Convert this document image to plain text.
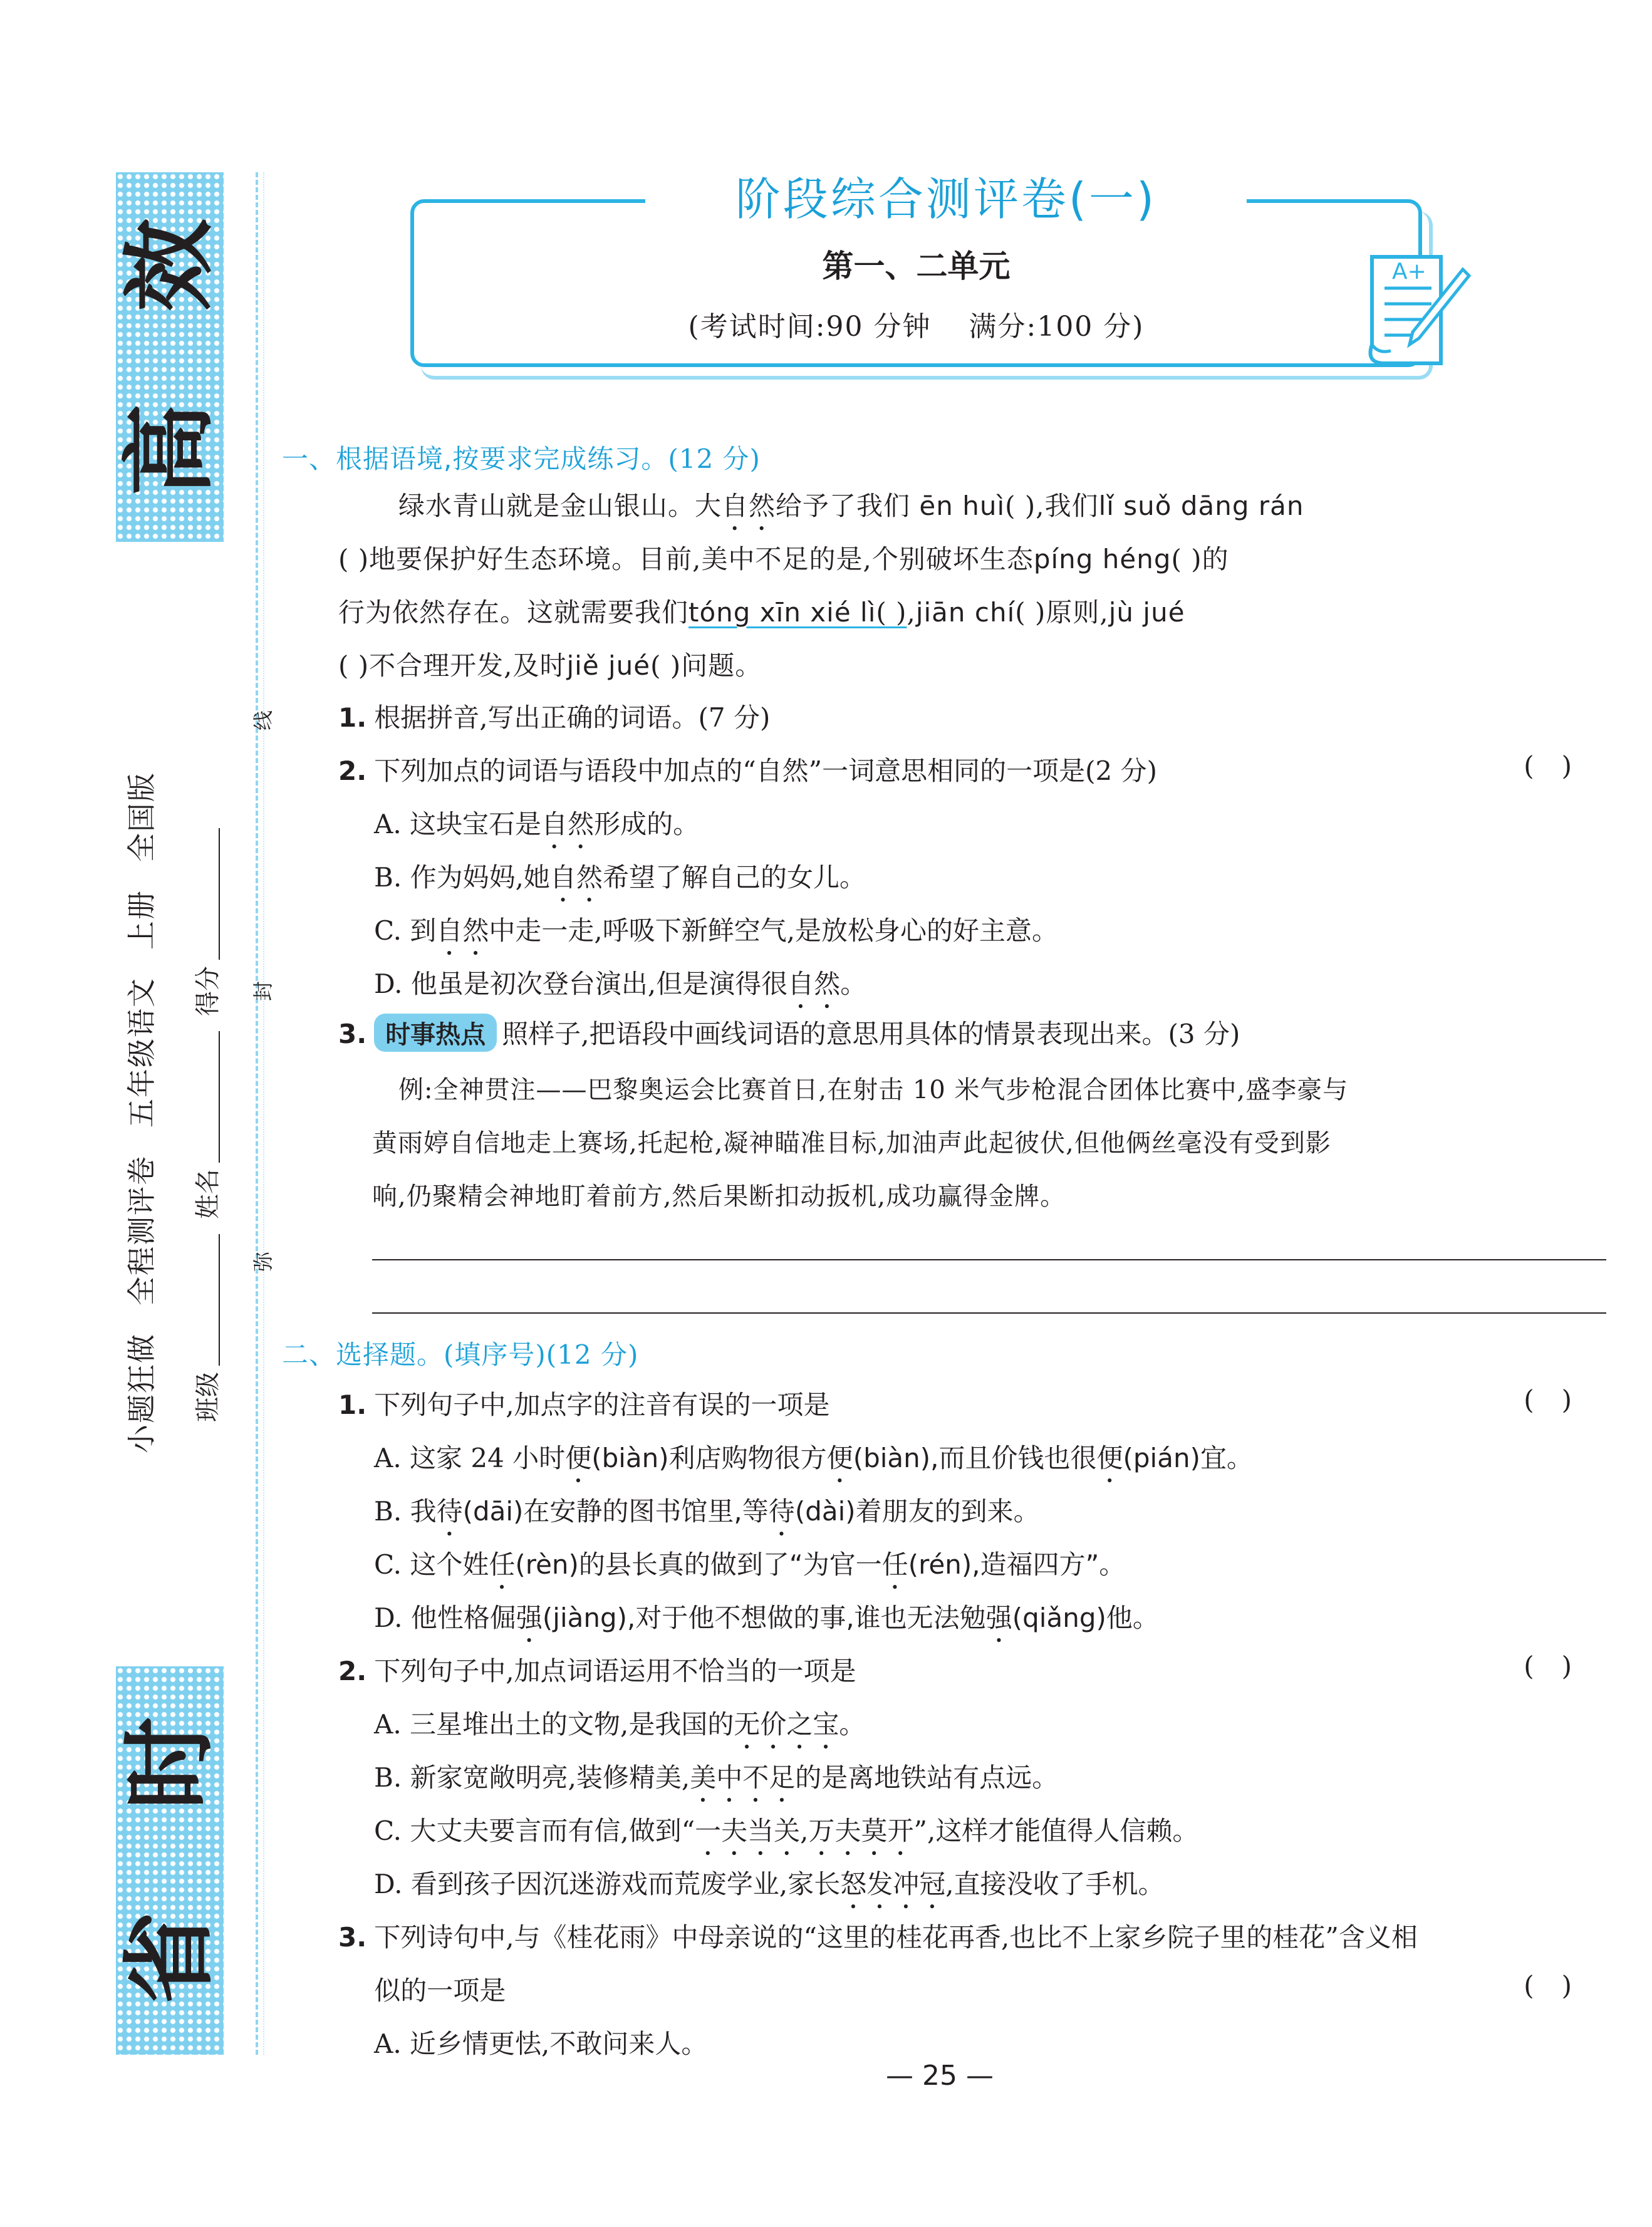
效
高
时
省
小题狂做全程测评卷五年级语文上册全国版
班级
姓名
得分
弥
封
线
阶段综合测评卷(一)
第一、二单元
(考试时间:90 分钟 满分:100 分)
A+
一、根据语境,按要求完成练习。(12 分)
绿水青山就是金山银山。大自然给予了我们 ēn huì( ),我们lǐ suǒ dāng rán
( )地要保护好生态环境。目前,美中不足的是,个别破坏生态píng héng( )的
行为依然存在。这就需要我们tóng xīn xié lì( ),jiān chí( )原则,jù jué
( )不合理开发,及时jiě jué( )问题。
1. 根据拼音,写出正确的词语。(7 分)
2. 下列加点的词语与语段中加点的“自然”一词意思相同的一项是(2 分)	()
A. 这块宝石是自然形成的。
B. 作为妈妈,她自然希望了解自己的女儿。
C. 到自然中走一走,呼吸下新鲜空气,是放松身心的好主意。
D. 他虽是初次登台演出,但是演得很自然。
3. 时事热点 照样子,把语段中画线词语的意思用具体的情景表现出来。(3 分)
例:全神贯注——巴黎奥运会比赛首日,在射击 10 米气步枪混合团体比赛中,盛李豪与
黄雨婷自信地走上赛场,托起枪,凝神瞄准目标,加油声此起彼伏,但他俩丝毫没有受到影
响,仍聚精会神地盯着前方,然后果断扣动扳机,成功赢得金牌。
二、选择题。(填序号)(12 分)
1. 下列句子中,加点字的注音有误的一项是	()
A. 这家 24 小时便(biàn)利店购物很方便(biàn),而且价钱也很便(pián)宜。
B. 我待(dāi)在安静的图书馆里,等待(dài)着朋友的到来。
C. 这个姓任(rèn)的县长真的做到了“为官一任(rén),造福四方”。
D. 他性格倔强(jiàng),对于他不想做的事,谁也无法勉强(qiǎng)他。
2. 下列句子中,加点词语运用不恰当的一项是	()
A. 三星堆出土的文物,是我国的无价之宝。
B. 新家宽敞明亮,装修精美,美中不足的是离地铁站有点远。
C. 大丈夫要言而有信,做到“一夫当关,万夫莫开”,这样才能值得人信赖。
D. 看到孩子因沉迷游戏而荒废学业,家长怒发冲冠,直接没收了手机。
3. 下列诗句中,与《桂花雨》中母亲说的“这里的桂花再香,也比不上家乡院子里的桂花”含义相
似的一项是	()
A. 近乡情更怯,不敢问来人。
— 25 —
